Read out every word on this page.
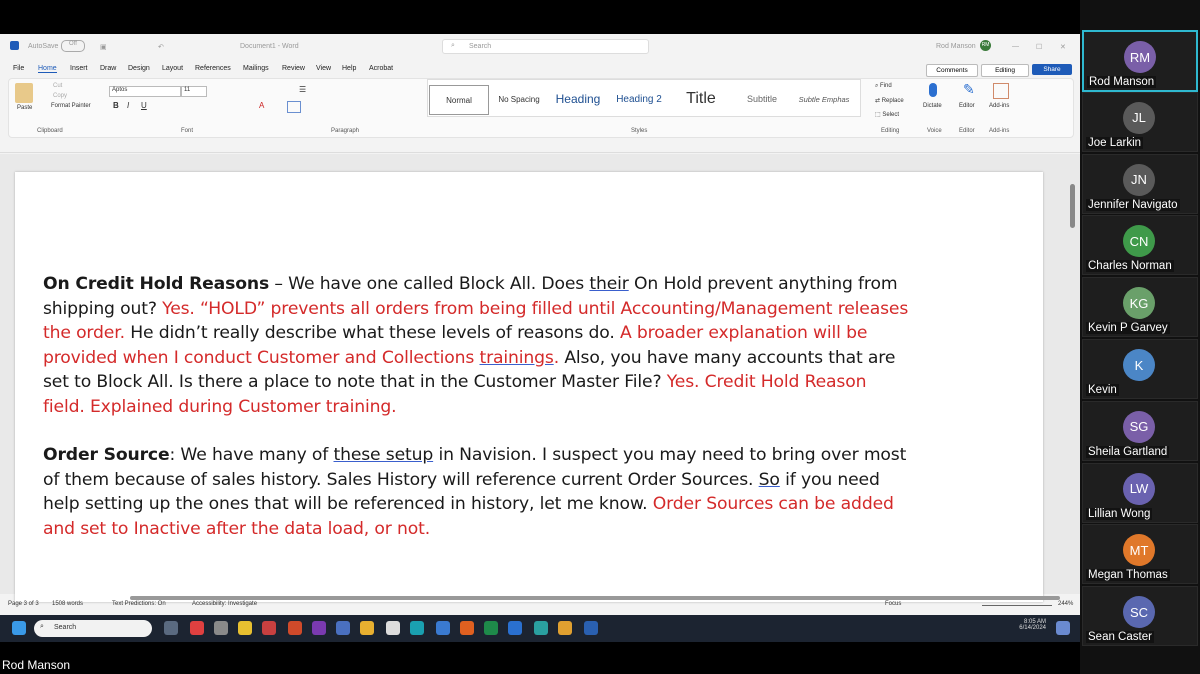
AutoSave	Off	▣	↶	Document1 - Word	⌕ Search	Rod Manson	RM	— ☐	✕
File Home Insert Draw Design Layout References Mailings Review View Help Acrobat	Comments	Editing	Share
Paste
Cut
Copy
Format Painter
Aptos	11
B I U	A
☰
Normal	No Spacing	Heading	Heading 2	Title	Subtitle	Subtle Emphas
⌕ Find
⇄ Replace
⬚ Select
Dictate
✎
Editor Add-ins
Clipboard	Font	Paragraph	Styles	Editing	Voice	Editor Add-ins

On Credit Hold Reasons – We have one called Block All. Does their On Hold prevent anything from shipping out? Yes. “HOLD” prevents all orders from being filled until Accounting/Management releases the order. He didn’t really describe what these levels of reasons do. A broader explanation will be provided when I conduct Customer and Collections trainings. Also, you have many accounts that are set to Block All. Is there a place to note that in the Customer Master File? Yes. Credit Hold Reason field. Explained during Customer training.

Order Source: We have many of these setup in Navision. I suspect you may need to bring over most of them because of sales history. Sales History will reference current Order Sources. So if you need help setting up the ones that will be referenced in history, let me know. Order Sources can be added and set to Inactive after the data load, or not.

Page 3 of 3 1508 words	Text Predictions: On	Accessibility: Investigate	Focus	244%
⌕ Search
8:05 AM
6/14/2024
RM
Rod Manson
JL
Joe Larkin
JN
Jennifer Navigato
CN
Charles Norman
KG
Kevin P Garvey
K
Kevin
SG
Sheila Gartland
LW
Lillian Wong
MT
Megan Thomas
SC
Sean Caster
Rod Manson
